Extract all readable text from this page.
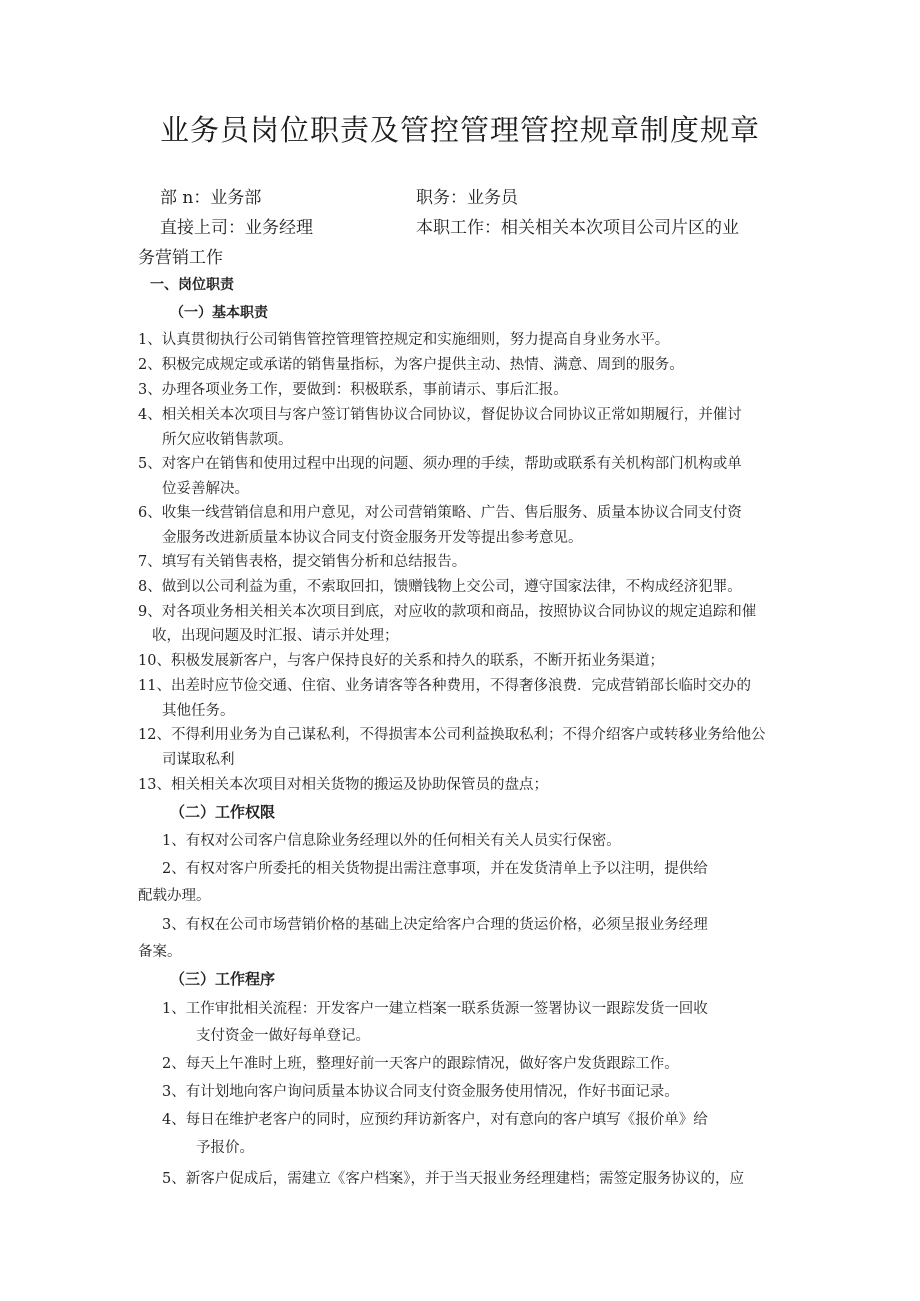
业务员岗位职责及管控管理管控规章制度规章
部 n：业务部	职务：业务员
直接上司：业务经理	本职工作：相关相关本次项目公司片区的业
务营销工作
一、岗位职责
（一）基本职责
1、认真贯彻执行公司销售管控管理管控规定和实施细则，努力提高自身业务水平。
2、积极完成规定或承诺的销售量指标，为客户提供主动、热情、满意、周到的服务。
3、办理各项业务工作，要做到：积极联系，事前请示、事后汇报。
4、相关相关本次项目与客户签订销售协议合同协议，督促协议合同协议正常如期履行，并催讨
所欠应收销售款项。
5、对客户在销售和使用过程中出现的问题、须办理的手续，帮助或联系有关机构部门机构或单
位妥善解决。
6、收集一线营销信息和用户意见，对公司营销策略、广告、售后服务、质量本协议合同支付资
金服务改进新质量本协议合同支付资金服务开发等提出参考意见。
7、填写有关销售表格，提交销售分析和总结报告。
8、做到以公司利益为重，不索取回扣，馈赠钱物上交公司，遵守国家法律，不构成经济犯罪。
9、对各项业务相关相关本次项目到底，对应收的款项和商品，按照协议合同协议的规定追踪和催
收，出现问题及时汇报、请示并处理；
10、积极发展新客户，与客户保持良好的关系和持久的联系，不断开拓业务渠道；
11、出差时应节俭交通、住宿、业务请客等各种费用，不得奢侈浪费．完成营销部长临时交办的
其他任务。
12、不得利用业务为自己谋私利，不得损害本公司利益换取私利；不得介绍客户或转移业务给他公
司谋取私利
13、相关相关本次项目对相关货物的搬运及协助保管员的盘点；
（二）工作权限
1、有权对公司客户信息除业务经理以外的任何相关有关人员实行保密。
2、有权对客户所委托的相关货物提出需注意事项，并在发货清单上予以注明，提供给
配载办理。
3、有权在公司市场营销价格的基础上决定给客户合理的货运价格，必须呈报业务经理
备案。
（三）工作程序
1、工作审批相关流程：开发客户一建立档案一联系货源一签署协议一跟踪发货一回收
支付资金一做好每单登记。
2、每天上午准时上班，整理好前一天客户的跟踪情况，做好客户发货跟踪工作。
3、有计划地向客户询问质量本协议合同支付资金服务使用情况，作好书面记录。
4、每日在维护老客户的同时，应预约拜访新客户，对有意向的客户填写《报价单》给
予报价。
5、新客户促成后，需建立《客户档案》，并于当天报业务经理建档；需签定服务协议的，应
